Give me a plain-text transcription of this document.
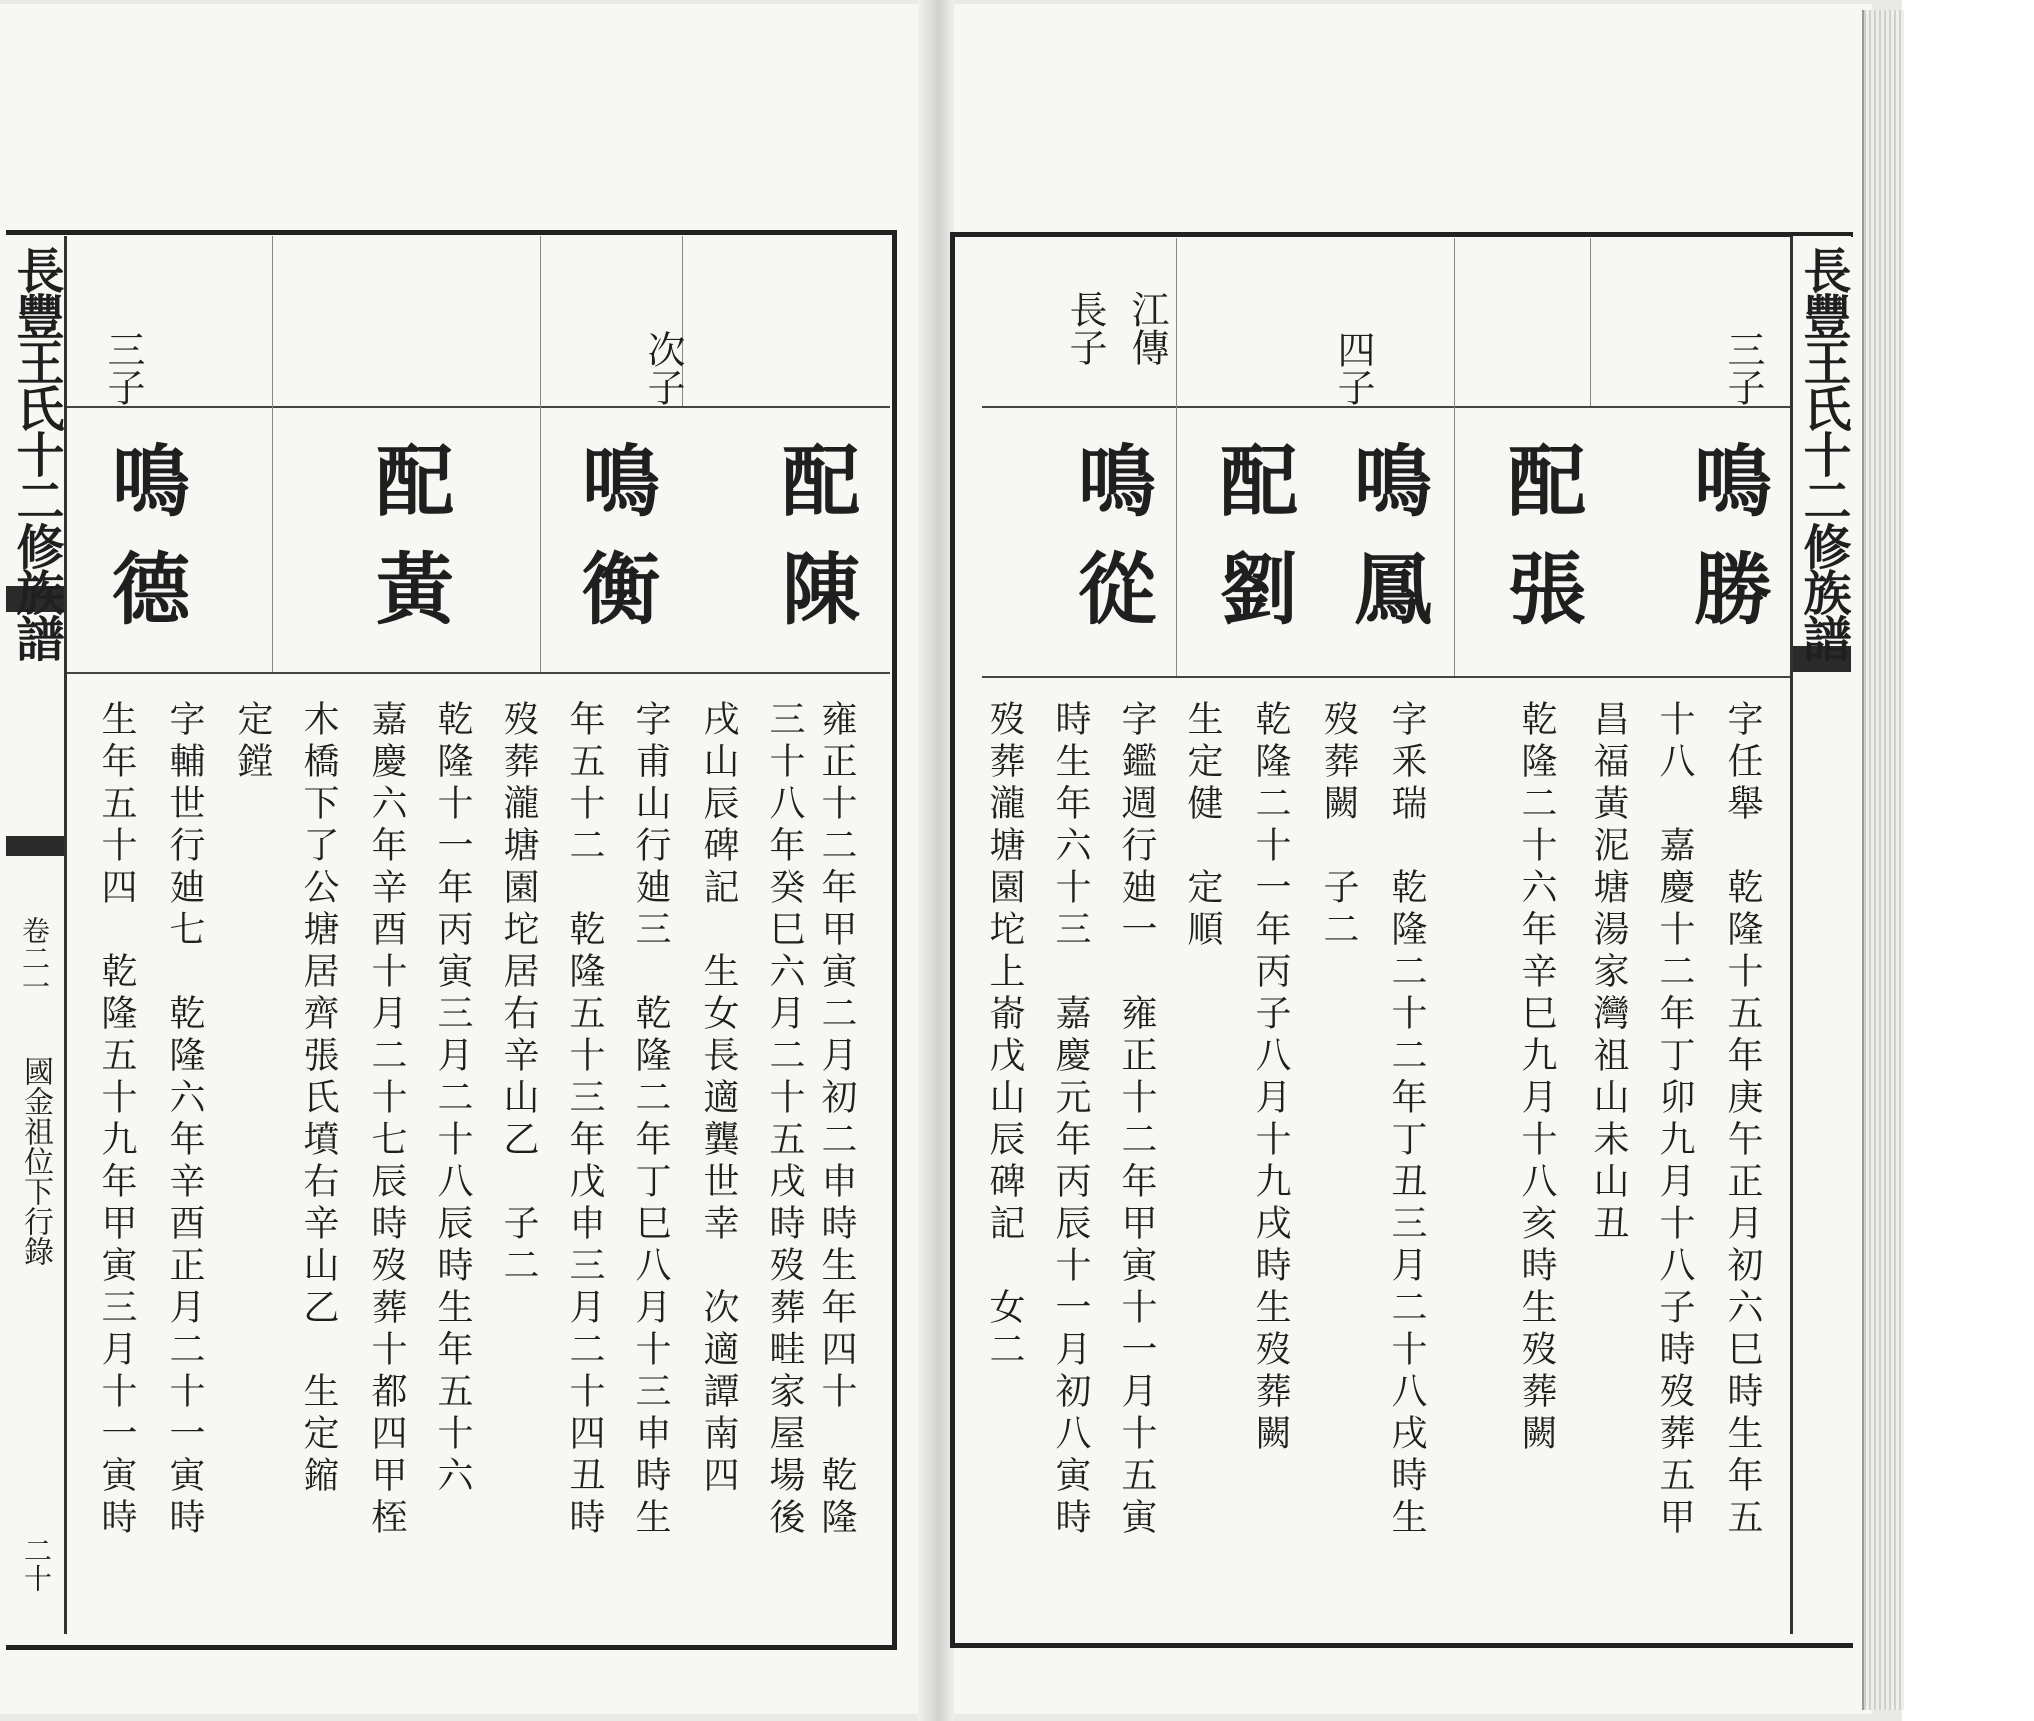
長豐王氏十二修族譜
卷二一
國金祖位下行錄
二十
次子
三子
配陳
鳴衡
配黃
鳴德
雍正十二年甲寅二月初二申時生年四十　乾隆
三十八年癸巳六月二十五戌時歿葬畦家屋場後
戌山辰碑記　生女長適龔世幸　次適譚南四
字甫山行廸三　乾隆二年丁巳八月十三申時生
年五十二　乾隆五十三年戊申三月二十四丑時
歿葬瀧塘園坨居右辛山乙　子二
乾隆十一年丙寅三月二十八辰時生年五十六
嘉慶六年辛酉十月二十七辰時歿葬十都四甲桎
木橋下了公塘居齊張氏墳右辛山乙　生定鏥
定鏜
字輔世行廸七　乾隆六年辛酉正月二十一寅時
生年五十四　乾隆五十九年甲寅三月十一寅時
長豐王氏十二修族譜
三子
四子
江傳
長子
鳴勝
配張
鳴鳳
配劉
鳴從
字任舉　乾隆十五年庚午正月初六巳時生年五
十八　嘉慶十二年丁卯九月十八子時歿葬五甲
昌福黃泥塘湯家灣祖山未山丑
乾隆二十六年辛巳九月十八亥時生歿葬闕
字釆瑞　乾隆二十二年丁丑三月二十八戌時生
歿葬闕　子二
乾隆二十一年丙子八月十九戌時生歿葬闕
生定健　定順
字鑑週行廸一　雍正十二年甲寅十一月十五寅
時生年六十三　嘉慶元年丙辰十一月初八寅時
歿葬瀧塘園坨上嵛戊山辰碑記　女二
